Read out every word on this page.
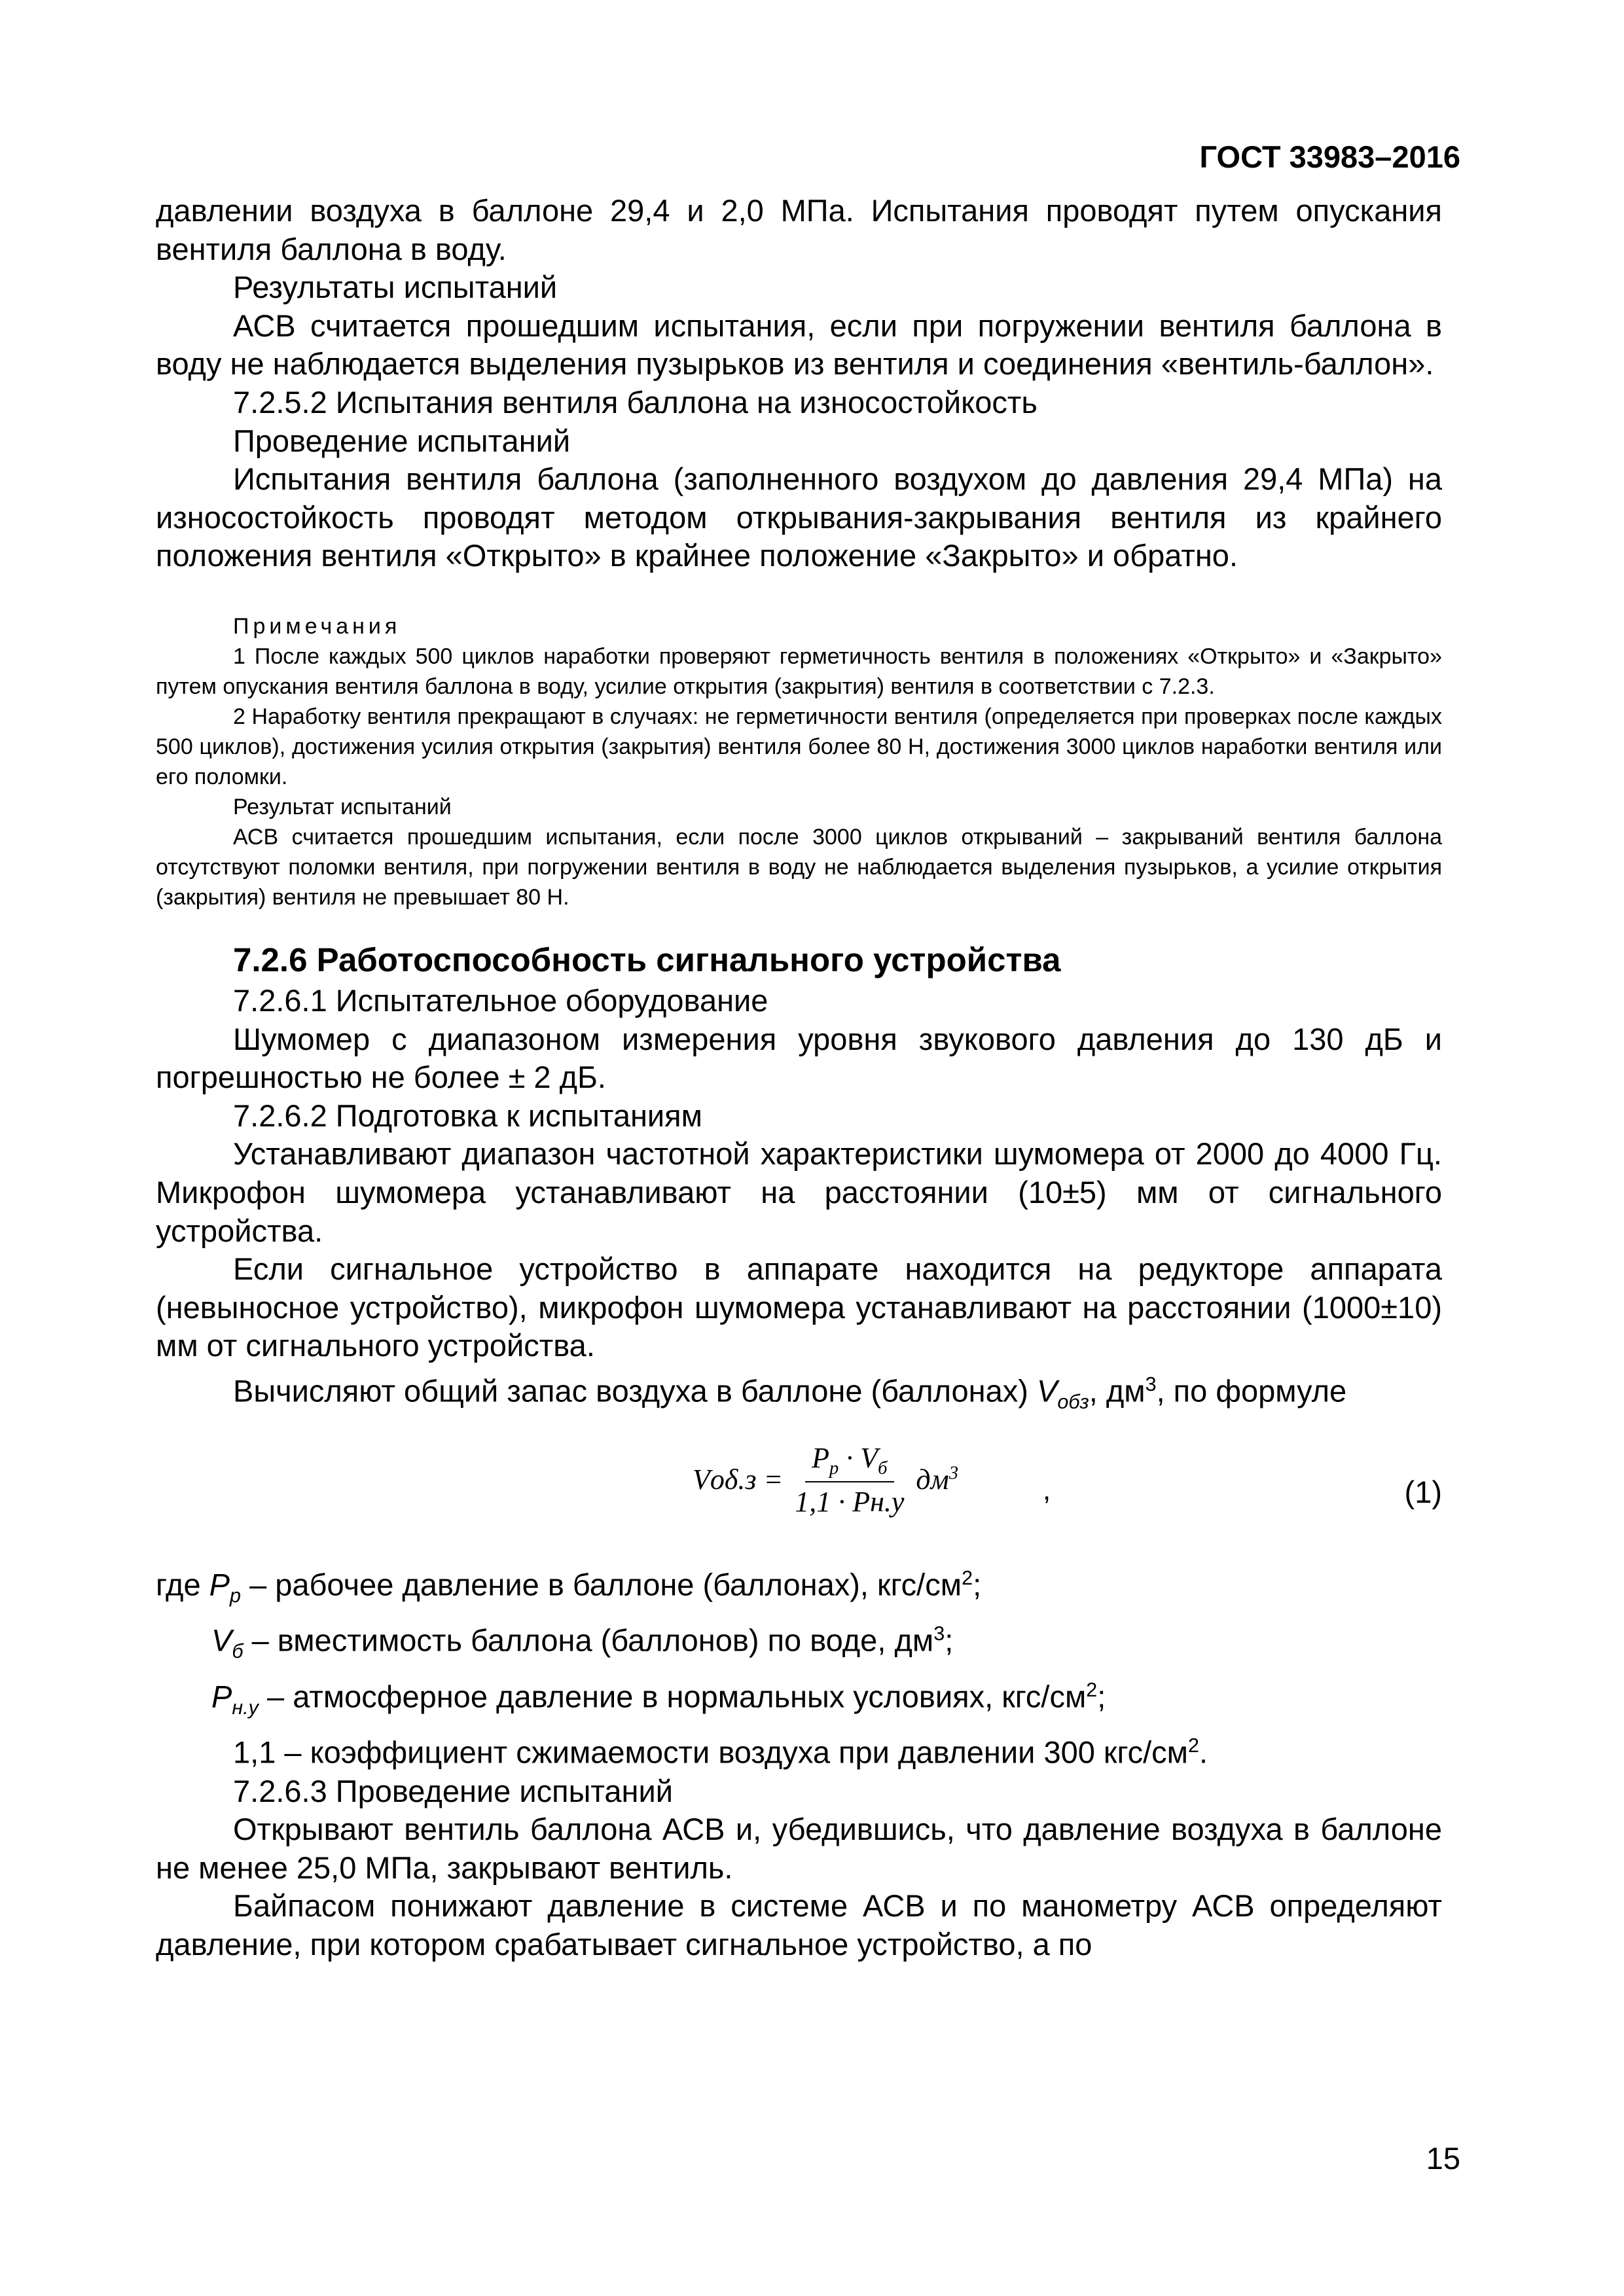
ГОСТ 33983–2016

давлении воздуха в баллоне 29,4 и 2,0 МПа. Испытания проводят путем опускания вентиля баллона в воду.

Результаты испытаний

АСВ считается прошедшим испытания, если при погружении вентиля баллона в воду не наблюдается выделения пузырьков из вентиля и соединения «вентиль-баллон».

7.2.5.2 Испытания вентиля баллона на износостойкость

Проведение испытаний

Испытания вентиля баллона (заполненного воздухом до давления 29,4 МПа) на износостойкость проводят методом открывания-закрывания вентиля из крайнего положения вентиля «Открыто» в крайнее положение «Закрыто» и обратно.

Примечания

1 После каждых 500 циклов наработки проверяют герметичность вентиля в положениях «Открыто» и «Закрыто» путем опускания вентиля баллона в воду, усилие открытия (закрытия) вентиля в соответствии с 7.2.3.

2 Наработку вентиля прекращают в случаях: не герметичности вентиля (определяется при проверках после каждых 500 циклов), достижения усилия открытия (закрытия) вентиля более 80 Н, достижения 3000 циклов наработки вентиля или его поломки.

Результат испытаний

АСВ считается прошедшим испытания, если после 3000 циклов открываний – закрываний вентиля баллона отсутствуют поломки вентиля, при погружении вентиля в воду не наблюдается выделения пузырьков, а усилие открытия (закрытия) вентиля не превышает 80 Н.

7.2.6 Работоспособность сигнального устройства

7.2.6.1 Испытательное оборудование

Шумомер с диапазоном измерения уровня звукового давления до 130 дБ и погрешностью не более ± 2 дБ.

7.2.6.2 Подготовка к испытаниям

Устанавливают диапазон частотной характеристики шумомера от 2000 до 4000 Гц. Микрофон шумомера устанавливают на расстоянии (10±5) мм от сигнального устройства.

Если сигнальное устройство в аппарате находится на редукторе аппарата (невыносное устройство), микрофон шумомера устанавливают на расстоянии (1000±10) мм от сигнального устройства.

Вычисляют общий запас воздуха в баллоне (баллонах) $V_{обз}$, $дм^3$, по формуле

$Vо\delta.з = \frac{P_р \cdot V_б}{1,1 \cdot Pн.у} дм^3$
,	(1)

где $P_р$ – рабочее давление в баллоне (баллонах), кгс/$см^2$;

$V_б$ – вместимость баллона (баллонов) по воде, $дм^3$;

$P_{н.у}$ – атмосферное давление в нормальных условиях, кгс/$см^2$;

1,1 – коэффициент сжимаемости воздуха при давлении 300 кгс/$см^2$.

7.2.6.3 Проведение испытаний

Открывают вентиль баллона АСВ и, убедившись, что давление воздуха в баллоне не менее 25,0 МПа, закрывают вентиль.

Байпасом понижают давление в системе АСВ и по манометру АСВ определяют давление, при котором срабатывает сигнальное устройство, а по

15
